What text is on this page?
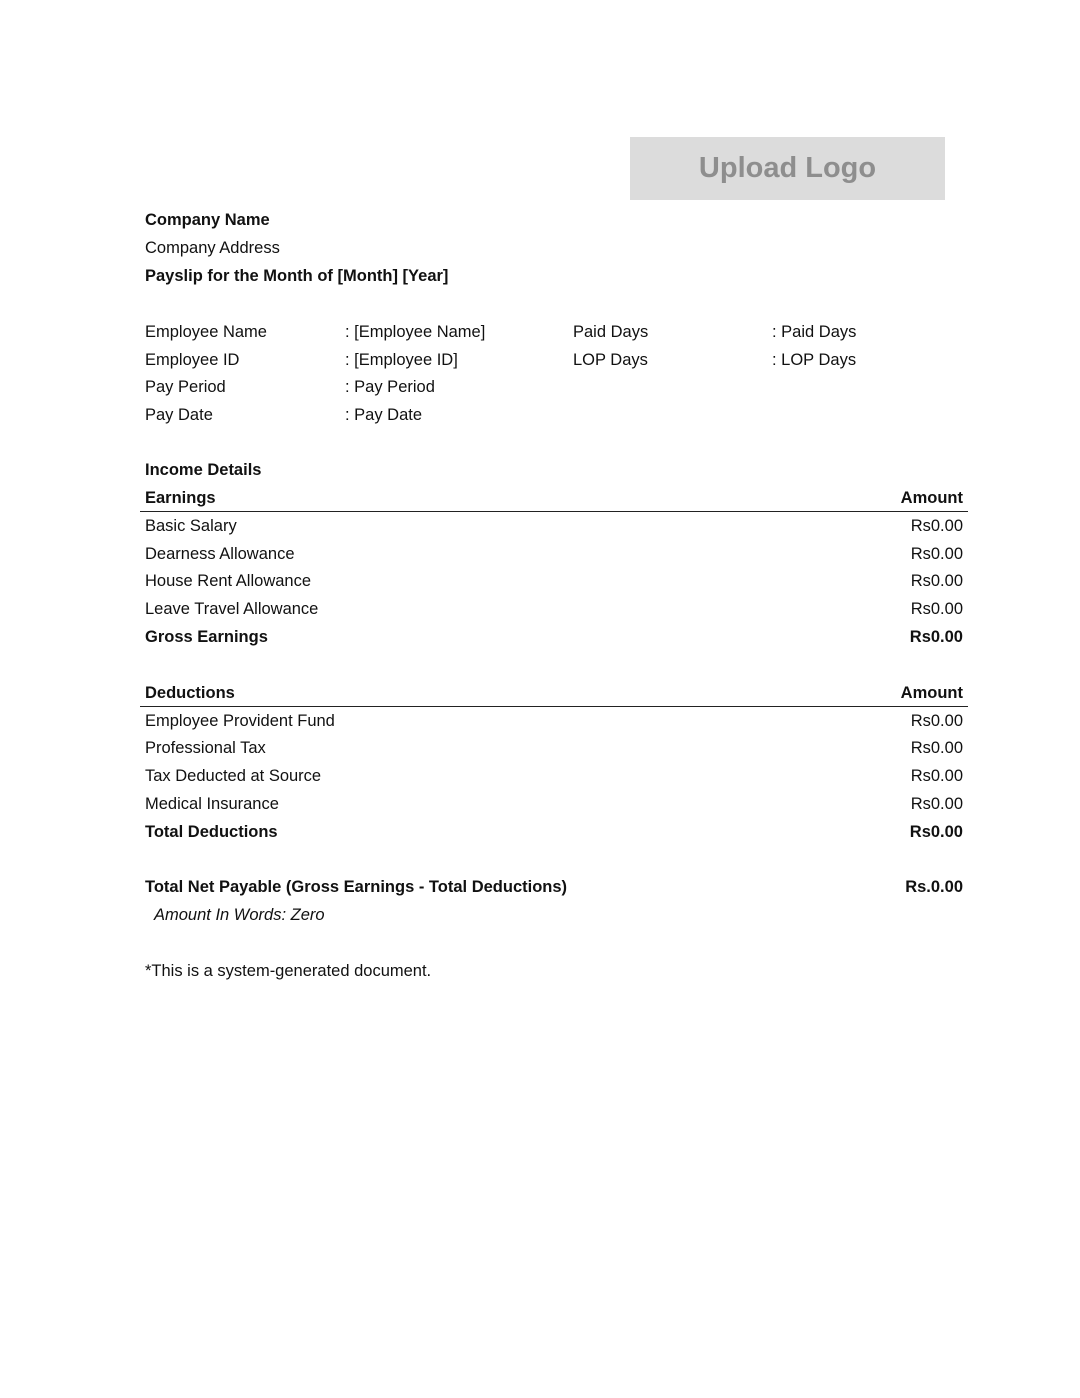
Upload Logo
Company Name
Company Address
Payslip for the Month of [Month] [Year]
Employee Name	: [Employee Name]	Paid Days	: Paid Days
Employee ID	: [Employee ID]	LOP Days	: LOP Days
Pay Period	: Pay Period
Pay Date	: Pay Date
Income Details
Earnings	Amount
Basic Salary	Rs0.00
Dearness Allowance	Rs0.00
House Rent Allowance	Rs0.00
Leave Travel Allowance	Rs0.00
Gross Earnings	Rs0.00
Deductions	Amount
Employee Provident Fund	Rs0.00
Professional Tax	Rs0.00
Tax Deducted at Source	Rs0.00
Medical Insurance	Rs0.00
Total Deductions	Rs0.00
Total Net Payable (Gross Earnings - Total Deductions)	Rs.0.00
Amount In Words: Zero
*This is a system-generated document.
